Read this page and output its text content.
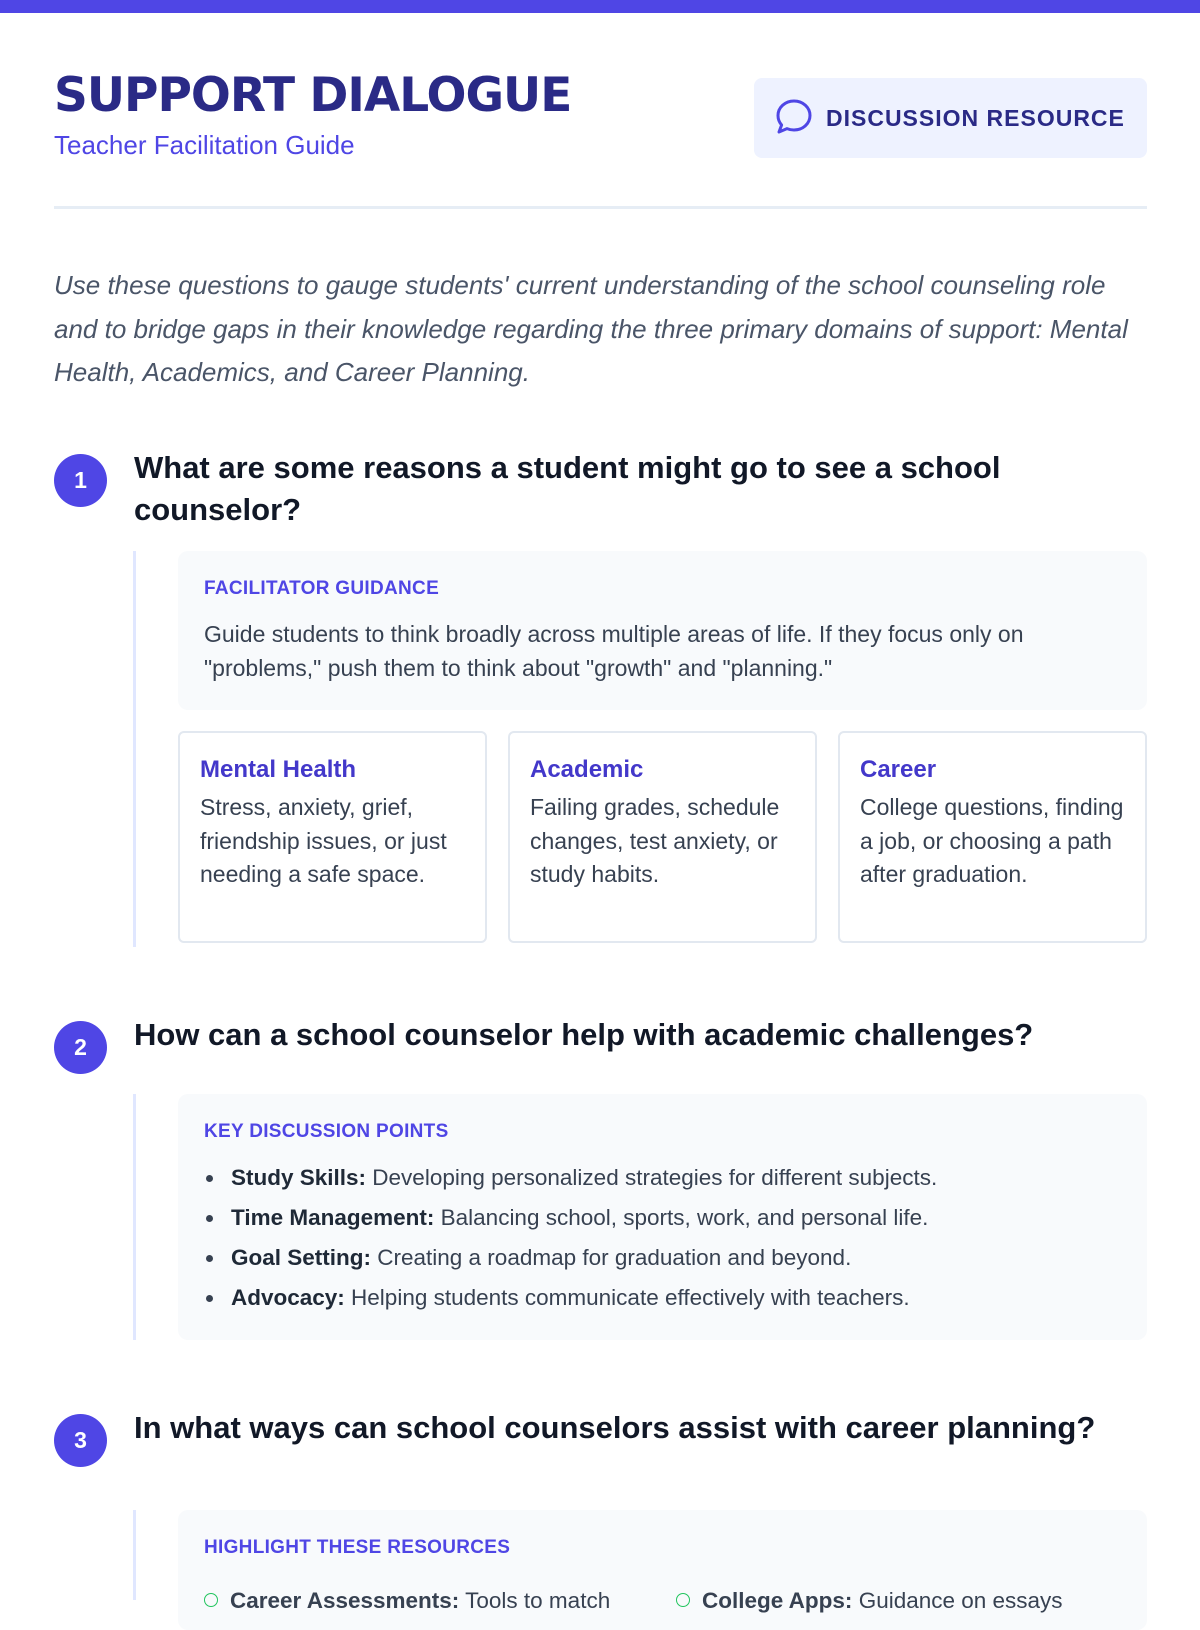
SUPPORT DIALOGUE
Teacher Facilitation Guide
DISCUSSION RESOURCE

Use these questions to gauge students' current understanding of the school counseling role and to bridge gaps in their knowledge regarding the three primary domains of support: Mental Health, Academics, and Career Planning.

1	What are some reasons a student might go to see a school counselor?
FACILITATOR GUIDANCE
Guide students to think broadly across multiple areas of life. If they focus only on "problems," push them to think about "growth" and "planning."
Mental Health
Stress, anxiety, grief, friendship issues, or just needing a safe space.
Academic
Failing grades, schedule changes, test anxiety, or study habits.
Career
College questions, finding a job, or choosing a path after graduation.
2	How can a school counselor help with academic challenges?
KEY DISCUSSION POINTS
Study Skills: Developing personalized strategies for different subjects.
Time Management: Balancing school, sports, work, and personal life.
Goal Setting: Creating a roadmap for graduation and beyond.
Advocacy: Helping students communicate effectively with teachers.
3	In what ways can school counselors assist with career planning?
HIGHLIGHT THESE RESOURCES
Career Assessments: Tools to match	College Apps: Guidance on essays
